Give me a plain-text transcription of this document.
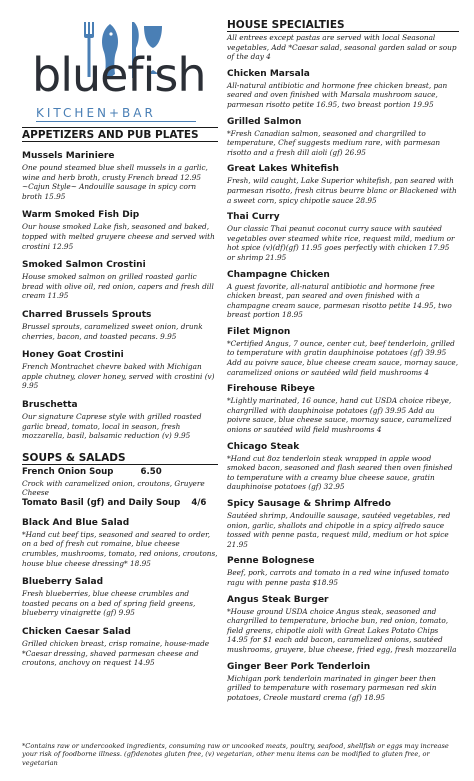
bluefish
KITCHEN+BAR
APPETIZERS AND PUB PLATES
Mussels Mariniere
One pound steamed blue shell mussels in a garlic, wine and herb broth, crusty French bread 12.95 ~Cajun Style~ Andouille sausage in spicy corn broth 15.95
Warm Smoked Fish Dip
Our house smoked Lake fish, seasoned and baked, topped with melted gruyere cheese and served with crostini 12.95
Smoked Salmon Crostini
House smoked salmon on grilled roasted garlic bread with olive oil, red onion, capers and fresh dill cream 11.95
Charred Brussels Sprouts
Brussel sprouts, caramelized sweet onion, drunk cherries, bacon, and toasted pecans. 9.95
Honey Goat Crostini
French Montrachet chevre baked with Michigan apple chutney, clover honey, served with crostini (v) 9.95
Bruschetta
Our signature Caprese style with grilled roasted garlic bread, tomato, local in season, fresh mozzarella, basil, balsamic reduction (v) 9.95
SOUPS & SALADS
French Onion Soup	6.50
Crock with caramelized onion, croutons, Gruyere Cheese
Tomato Basil (gf) and Daily Soup 4/6
Black And Blue Salad
*Hand cut beef tips, seasoned and seared to order, on a bed of fresh cut romaine, blue cheese crumbles, mushrooms, tomato, red onions, croutons, house blue cheese dressing* 18.95
Blueberry Salad
Fresh blueberries, blue cheese crumbles and toasted pecans on a bed of spring field greens, blueberry vinaigrette (gf) 9.95
Chicken Caesar Salad
Grilled chicken breast, crisp romaine, house-made *Caesar dressing, shaved parmesan cheese and croutons, anchovy on request 14.95
HOUSE SPECIALTIES
All entrees except pastas are served with local Seasonal vegetables, Add *Caesar salad, seasonal garden salad or soup of the day 4
Chicken Marsala
All-natural antibiotic and hormone free chicken breast, pan seared and oven finished with Marsala mushroom sauce, parmesan risotto petite 16.95, two breast portion 19.95
Grilled Salmon
*Fresh Canadian salmon, seasoned and chargrilled to temperature, Chef suggests medium rare, with parmesan risotto and a fresh dill aioli (gf) 26.95
Great Lakes Whitefish
Fresh, wild caught, Lake Superior whitefish, pan seared with parmesan risotto, fresh citrus beurre blanc or Blackened with a sweet corn, spicy chipotle sauce 28.95
Thai Curry
Our classic Thai peanut coconut curry sauce with sautéed vegetables over steamed white rice, request mild, medium or hot spice (v)(df)(gf) 11.95 goes perfectly with chicken 17.95 or shrimp 21.95
Champagne Chicken
A guest favorite, all-natural antibiotic and hormone free chicken breast, pan seared and oven finished with a champagne cream sauce, parmesan risotto petite 14.95, two breast portion 18.95
Filet Mignon
*Certified Angus, 7 ounce, center cut, beef tenderloin, grilled to temperature with gratin dauphinoise potatoes (gf) 39.95 Add au poivre sauce, blue cheese cream sauce, mornay sauce, caramelized onions or sautéed wild field mushrooms 4
Firehouse Ribeye
*Lightly marinated, 16 ounce, hand cut USDA choice ribeye, chargrilled with dauphinoise potatoes (gf) 39.95 Add au poivre sauce, blue cheese sauce, mornay sauce, caramelized onions or sautéed wild field mushrooms 4
Chicago Steak
*Hand cut 8oz tenderloin steak wrapped in apple wood smoked bacon, seasoned and flash seared then oven finished to temperature with a creamy blue cheese sauce, gratin dauphinoise potatoes (gf) 32.95
Spicy Sausage & Shrimp Alfredo
Sautéed shrimp, Andouille sausage, sautéed vegetables, red onion, garlic, shallots and chipotle in a spicy alfredo sauce tossed with penne pasta, request mild, medium or hot spice 21.95
Penne Bolognese
Beef, pork, carrots and tomato in a red wine infused tomato ragu with penne pasta $18.95
Angus Steak Burger
*House ground USDA choice Angus steak, seasoned and chargrilled to temperature, brioche bun, red onion, tomato, field greens, chipotle aioli with Great Lakes Potato Chips 14.95 for $1 each add bacon, caramelized onions, sautéed mushrooms, gruyere, blue cheese, fried egg, fresh mozzarella
Ginger Beer Pork Tenderloin
Michigan pork tenderloin marinated in ginger beer then grilled to temperature with rosemary parmesan red skin potatoes, Creole mustard crema (gf) 18.95
*Contains raw or undercooked ingredients, consuming raw or uncooked meats, poultry, seafood, shellfish or eggs may increase your risk of foodborne illness. (gf)denotes gluten free, (v) vegetarian, other menu items can be modified to gluten free, or vegetarian
